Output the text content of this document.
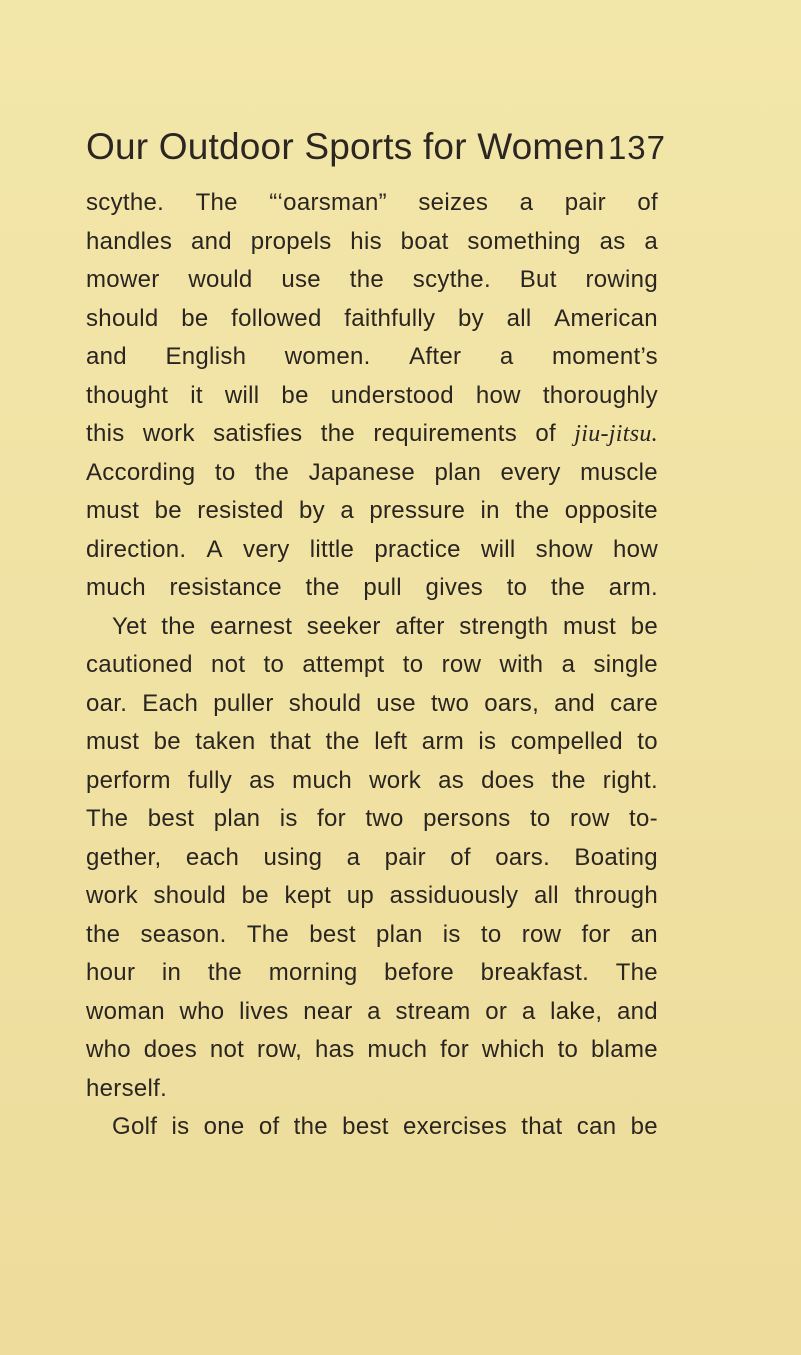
Our Outdoor Sports for Women 137
scythe. The “‘oarsman” seizes a pair of
handles and propels his boat something as a
mower would use the scythe. But rowing
should be followed faithfully by all American
and English women. After a moment’s
thought it will be understood how thoroughly
this work satisfies the requirements of jiu-jitsu.
According to the Japanese plan every muscle
must be resisted by a pressure in the opposite
direction. A very little practice will show how
much resistance the pull gives to the arm.
Yet the earnest seeker after strength must be
cautioned not to attempt to row with a single
oar. Each puller should use two oars, and care
must be taken that the left arm is compelled to
perform fully as much work as does the right.
The best plan is for two persons to row to-
gether, each using a pair of oars. Boating
work should be kept up assiduously all through
the season. The best plan is to row for an
hour in the morning before breakfast. The
woman who lives near a stream or a lake, and
who does not row, has much for which to blame
herself.
Golf is one of the best exercises that can be
